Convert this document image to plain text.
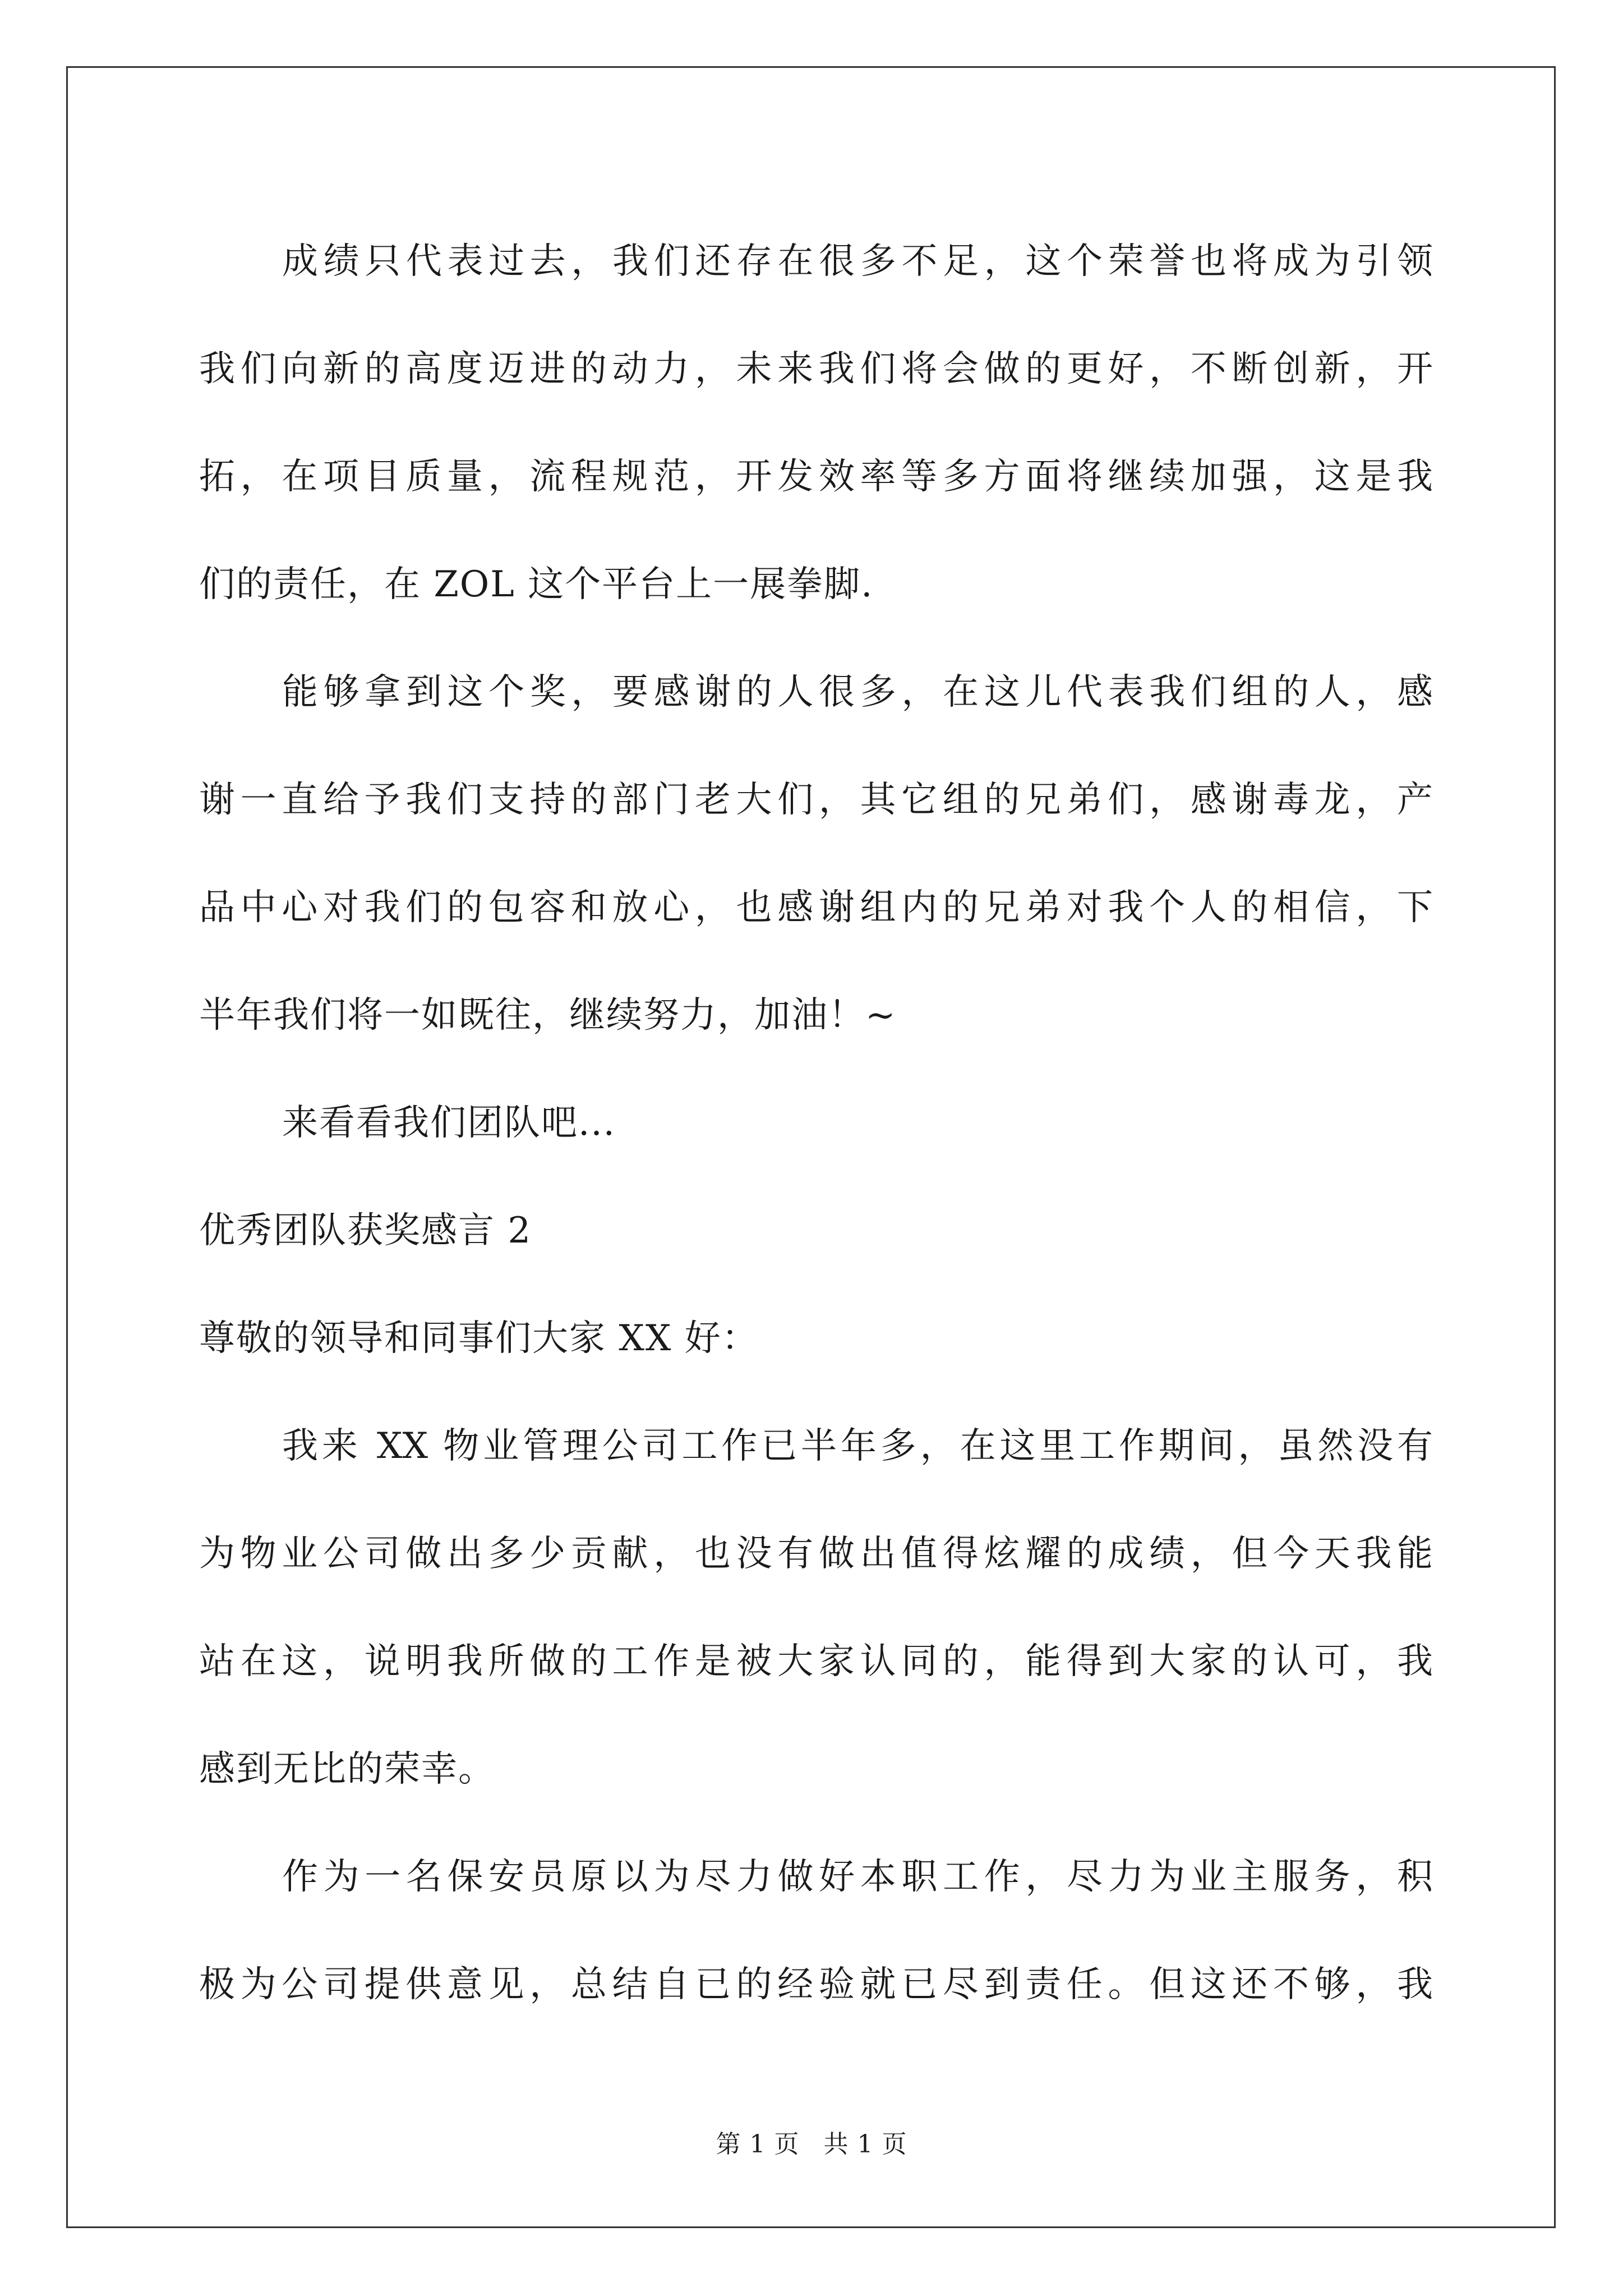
成绩只代表过去，我们还存在很多不足，这个荣誉也将成为引领
我们向新的高度迈进的动力，未来我们将会做的更好，不断创新，开
拓，在项目质量，流程规范，开发效率等多方面将继续加强，这是我
们的责任，在 ZOL 这个平台上一展拳脚.
能够拿到这个奖，要感谢的人很多，在这儿代表我们组的人，感
谢一直给予我们支持的部门老大们，其它组的兄弟们，感谢毒龙，产
品中心对我们的包容和放心，也感谢组内的兄弟对我个人的相信，下
半年我们将一如既往，继续努力，加油！~
来看看我们团队吧...
优秀团队获奖感言 2
尊敬的领导和同事们大家 XX 好：
我来 XX 物业管理公司工作已半年多，在这里工作期间，虽然没有
为物业公司做出多少贡献，也没有做出值得炫耀的成绩，但今天我能
站在这，说明我所做的工作是被大家认同的，能得到大家的认可，我
感到无比的荣幸。
作为一名保安员原以为尽力做好本职工作，尽力为业主服务，积
极为公司提供意见，总结自已的经验就已尽到责任。但这还不够，我
第 1 页 共 1 页
